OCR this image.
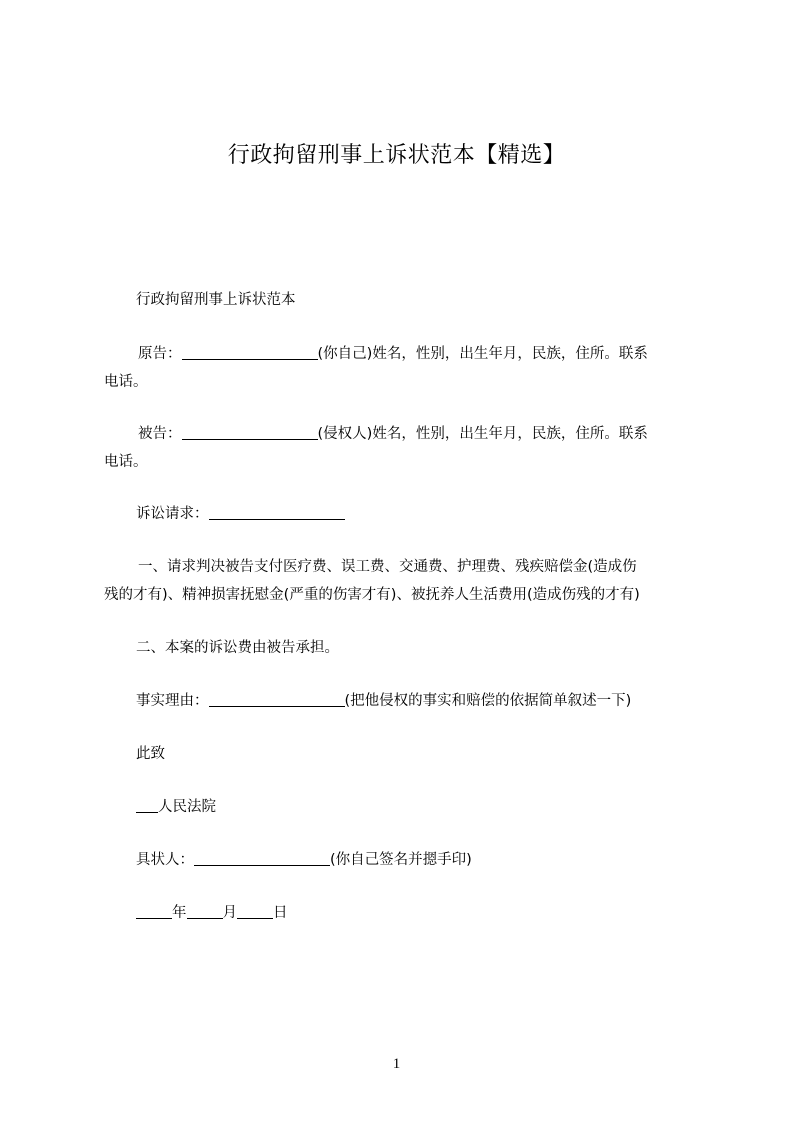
行政拘留刑事上诉状范本【精选】
行政拘留刑事上诉状范本
原告：	(你自己)姓名，性别，出生年月，民族，住所。联系
电话。
被告：	(侵权人)姓名，性别，出生年月，民族，住所。联系
电话。
诉讼请求：
一、请求判决被告支付医疗费、误工费、交通费、护理费、残疾赔偿金(造成伤
残的才有)、精神损害抚慰金(严重的伤害才有)、被抚养人生活费用(造成伤残的才有)
二、本案的诉讼费由被告承担。
事实理由：	(把他侵权的事实和赔偿的依据简单叙述一下)
此致
人民法院
具状人：	(你自己签名并摁手印)
年 月 日
1
